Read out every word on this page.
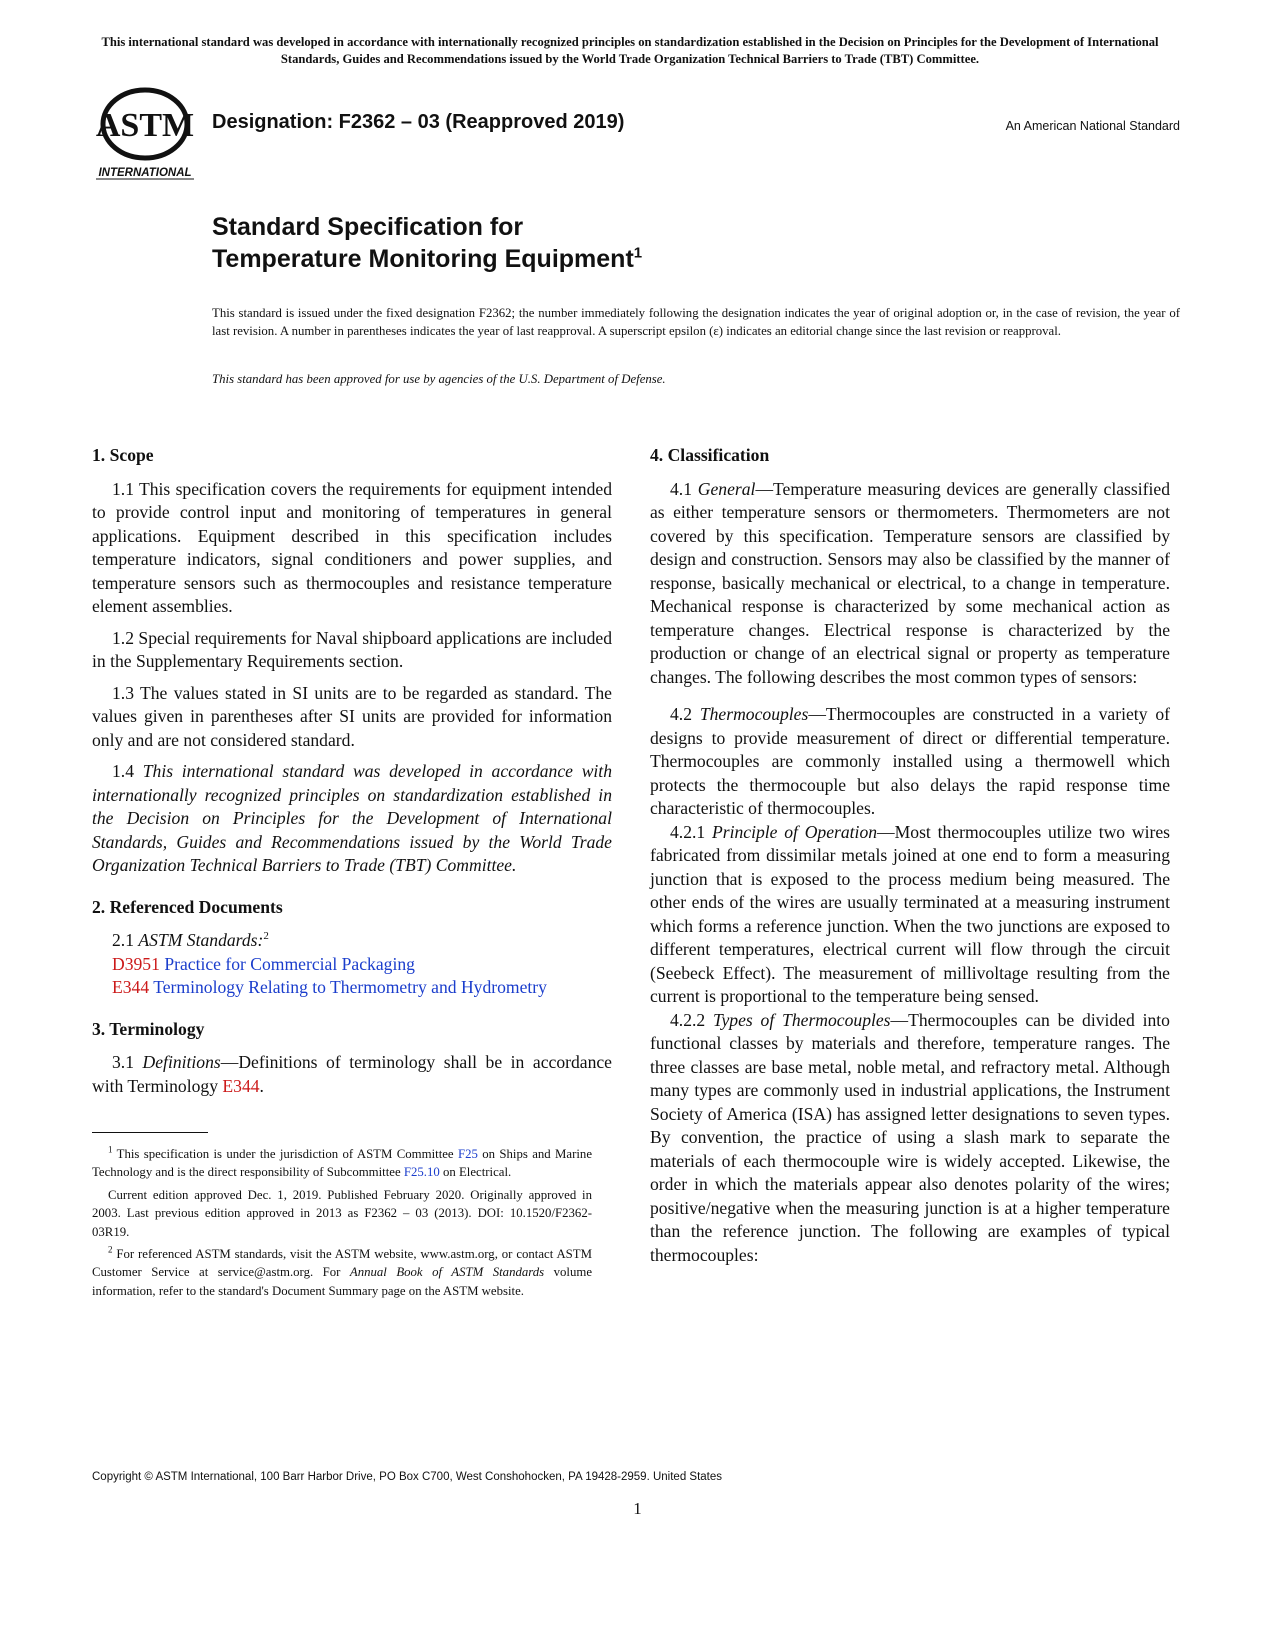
This international standard was developed in accordance with internationally recognized principles on standardization established in the Decision on Principles for the Development of International Standards, Guides and Recommendations issued by the World Trade Organization Technical Barriers to Trade (TBT) Committee.
ASTM
INTERNATIONAL
Designation: F2362 – 03 (Reapproved 2019)	An American National Standard
Standard Specification for
Temperature Monitoring Equipment$^1$
This standard is issued under the fixed designation F2362; the number immediately following the designation indicates the year of original adoption or, in the case of revision, the year of last revision. A number in parentheses indicates the year of last reapproval. A superscript epsilon (ε) indicates an editorial change since the last revision or reapproval.
This standard has been approved for use by agencies of the U.S. Department of Defense.
1. Scope

1.1 This specification covers the requirements for equipment intended to provide control input and monitoring of temperatures in general applications. Equipment described in this specification includes temperature indicators, signal conditioners and power supplies, and temperature sensors such as thermocouples and resistance temperature element assemblies.

1.2 Special requirements for Naval shipboard applications are included in the Supplementary Requirements section.

1.3 The values stated in SI units are to be regarded as standard. The values given in parentheses after SI units are provided for information only and are not considered standard.

1.4 This international standard was developed in accordance with internationally recognized principles on standardization established in the Decision on Principles for the Development of International Standards, Guides and Recommendations issued by the World Trade Organization Technical Barriers to Trade (TBT) Committee.

2. Referenced Documents

2.1 ASTM Standards:$^2$

D3951 Practice for Commercial Packaging
E344 Terminology Relating to Thermometry and Hydrometry
3. Terminology

3.1 Definitions—Definitions of terminology shall be in accordance with Terminology E344.

$^1$ This specification is under the jurisdiction of ASTM Committee F25 on Ships and Marine Technology and is the direct responsibility of Subcommittee F25.10 on Electrical.

Current edition approved Dec. 1, 2019. Published February 2020. Originally approved in 2003. Last previous edition approved in 2013 as F2362 – 03 (2013). DOI: 10.1520/F2362-03R19.

$^2$ For referenced ASTM standards, visit the ASTM website, www.astm.org, or contact ASTM Customer Service at service@astm.org. For Annual Book of ASTM Standards volume information, refer to the standard's Document Summary page on the ASTM website.

4. Classification

4.1 General—Temperature measuring devices are generally classified as either temperature sensors or thermometers. Thermometers are not covered by this specification. Temperature sensors are classified by design and construction. Sensors may also be classified by the manner of response, basically mechanical or electrical, to a change in temperature. Mechanical response is characterized by some mechanical action as temperature changes. Electrical response is characterized by the production or change of an electrical signal or property as temperature changes. The following describes the most common types of sensors:

4.2 Thermocouples—Thermocouples are constructed in a variety of designs to provide measurement of direct or differential temperature. Thermocouples are commonly installed using a thermowell which protects the thermocouple but also delays the rapid response time characteristic of thermocouples.

4.2.1 Principle of Operation—Most thermocouples utilize two wires fabricated from dissimilar metals joined at one end to form a measuring junction that is exposed to the process medium being measured. The other ends of the wires are usually terminated at a measuring instrument which forms a reference junction. When the two junctions are exposed to different temperatures, electrical current will flow through the circuit (Seebeck Effect). The measurement of millivoltage resulting from the current is proportional to the temperature being sensed.

4.2.2 Types of Thermocouples—Thermocouples can be divided into functional classes by materials and therefore, temperature ranges. The three classes are base metal, noble metal, and refractory metal. Although many types are commonly used in industrial applications, the Instrument Society of America (ISA) has assigned letter designations to seven types. By convention, the practice of using a slash mark to separate the materials of each thermocouple wire is widely accepted. Likewise, the order in which the materials appear also denotes polarity of the wires; positive/negative when the measuring junction is at a higher temperature than the reference junction. The following are examples of typical thermocouples:

Copyright © ASTM International, 100 Barr Harbor Drive, PO Box C700, West Conshohocken, PA 19428-2959. United States
1
